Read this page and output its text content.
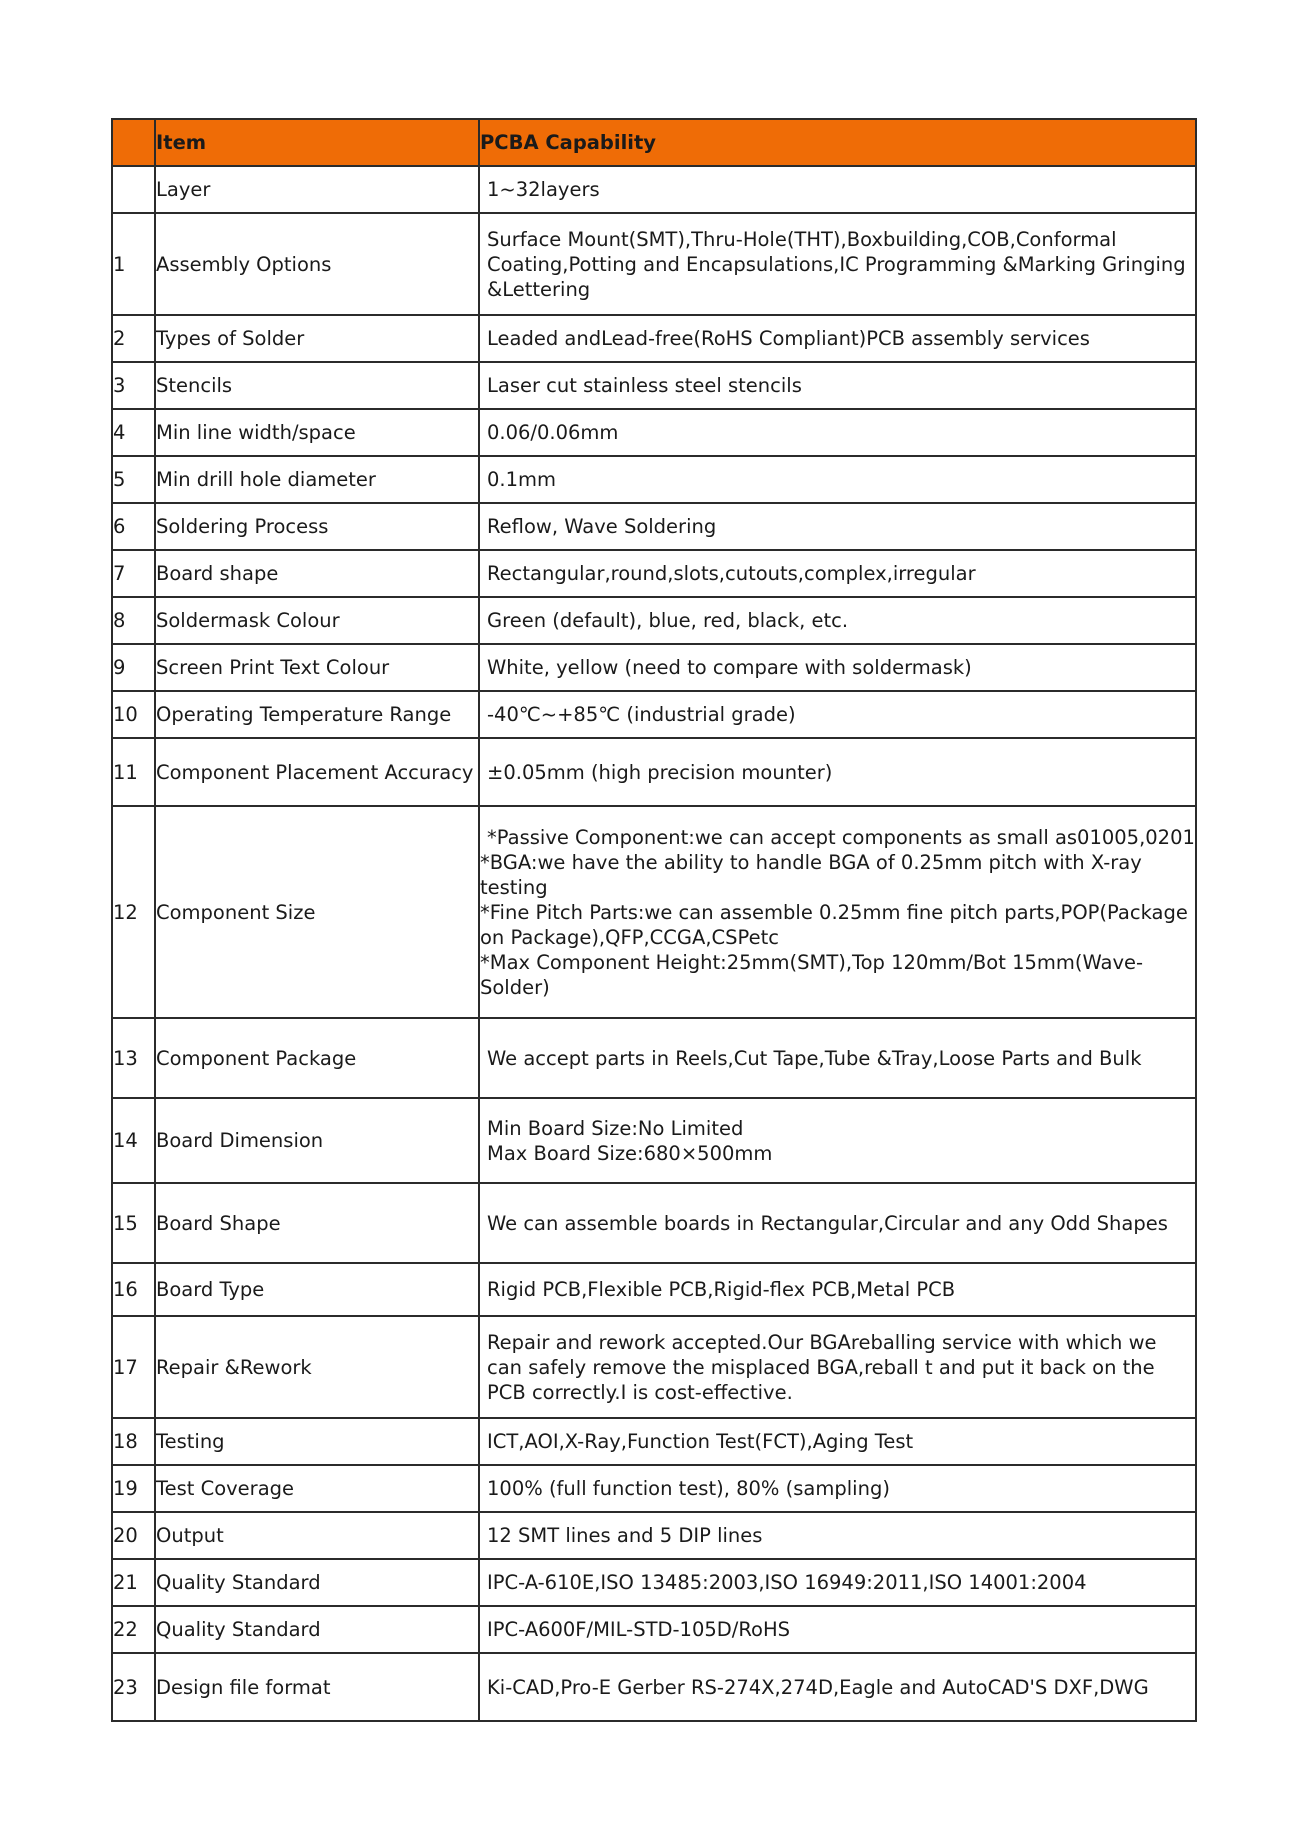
	Item	PCBA Capability
	Layer	1~32layers

1	Assembly Options	Surface Mount(SMT),Thru-Hole(THT),Boxbuilding,COB,Conformal Coating,Potting and Encapsulations,IC Programming &Marking Gringing &Lettering

2	Types of Solder	Leaded andLead-free(RoHS Compliant)PCB assembly services

3	Stencils	Laser cut stainless steel stencils

4	Min line width/space	0.06/0.06mm

5	Min drill hole diameter	0.1mm

6	Soldering Process	Reflow, Wave Soldering

7	Board shape	Rectangular,round,slots,cutouts,complex,irregular

8	Soldermask Colour	Green (default), blue, red, black, etc.

9	Screen Print Text Colour	White, yellow (need to compare with soldermask)

10	Operating Temperature Range	-40℃~+85℃ (industrial grade)

11	Component Placement Accuracy	±0.05mm (high precision mounter)

12	Component Size	*Passive Component:we can accept components as small as01005,0201
*BGA:we have the ability to handle BGA of 0.25mm pitch with X-ray testing
*Fine Pitch Parts:we can assemble 0.25mm fine pitch parts,POP(Package on Package),QFP,CCGA,CSPetc
*Max Component Height:25mm(SMT),Top 120mm/Bot 15mm(Wave-Solder)

13	Component Package	We accept parts in Reels,Cut Tape,Tube &Tray,Loose Parts and Bulk

14	Board Dimension	Min Board Size:No Limited
Max Board Size:680×500mm

15	Board Shape	We can assemble boards in Rectangular,Circular and any Odd Shapes

16	Board Type	Rigid PCB,Flexible PCB,Rigid-flex PCB,Metal PCB

17	Repair &Rework	Repair and rework accepted.Our BGAreballing service with which we can safely remove the misplaced BGA,reball t and put it back on the PCB correctly.I is cost-effective.

18	Testing	ICT,AOI,X-Ray,Function Test(FCT),Aging Test

19	Test Coverage	100% (full function test), 80% (sampling)

20	Output	12 SMT lines and 5 DIP lines

21	Quality Standard	IPC-A-610E,ISO 13485:2003,ISO 16949:2011,ISO 14001:2004

22	Quality Standard	IPC-A600F/MIL-STD-105D/RoHS

23	Design file format	Ki-CAD,Pro-E Gerber RS-274X,274D,Eagle and AutoCAD'S DXF,DWG
